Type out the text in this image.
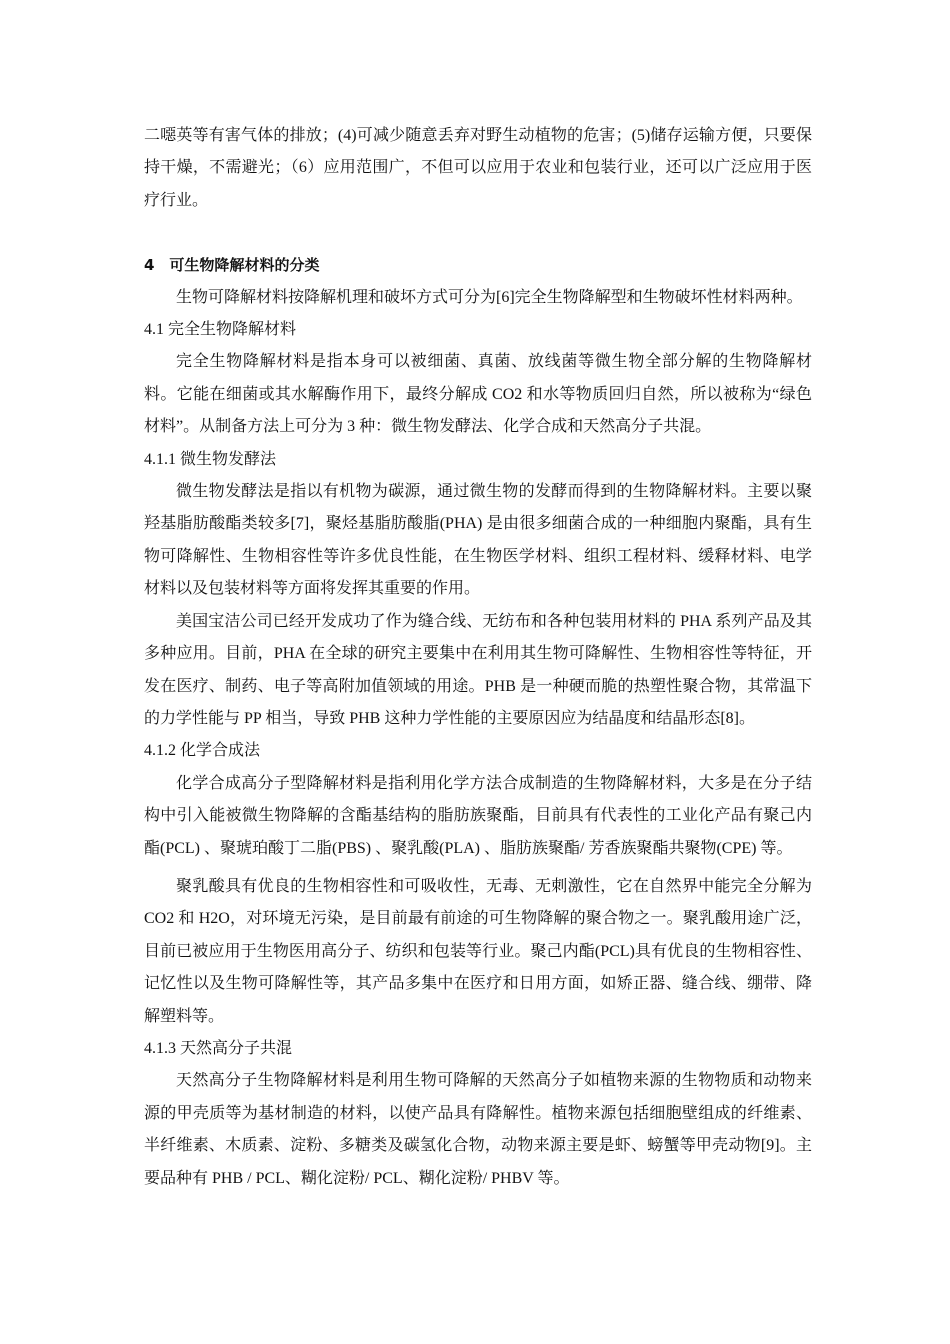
二噁英等有害气体的排放；(4)可减少随意丢弃对野生动植物的危害；(5)储存运输方便，只要保持干燥，不需避光；（6）应用范围广，不但可以应用于农业和包装行业，还可以广泛应用于医疗行业。

4　可生物降解材料的分类

生物可降解材料按降解机理和破坏方式可分为[6]完全生物降解型和生物破坏性材料两种。

4.1 完全生物降解材料

完全生物降解材料是指本身可以被细菌、真菌、放线菌等微生物全部分解的生物降解材料。它能在细菌或其水解酶作用下，最终分解成 CO2 和水等物质回归自然，所以被称为“绿色材料”。从制备方法上可分为 3 种：微生物发酵法、化学合成和天然高分子共混。

4.1.1 微生物发酵法

微生物发酵法是指以有机物为碳源，通过微生物的发酵而得到的生物降解材料。主要以聚羟基脂肪酸酯类较多[7]，聚烃基脂肪酸脂(PHA) 是由很多细菌合成的一种细胞内聚酯，具有生物可降解性、生物相容性等许多优良性能，在生物医学材料、组织工程材料、缓释材料、电学材料以及包装材料等方面将发挥其重要的作用。

美国宝洁公司已经开发成功了作为缝合线、无纺布和各种包装用材料的 PHA 系列产品及其多种应用。目前，PHA 在全球的研究主要集中在利用其生物可降解性、生物相容性等特征，开发在医疗、制药、电子等高附加值领域的用途。PHB 是一种硬而脆的热塑性聚合物，其常温下的力学性能与 PP 相当，导致 PHB 这种力学性能的主要原因应为结晶度和结晶形态[8]。

4.1.2 化学合成法

化学合成高分子型降解材料是指利用化学方法合成制造的生物降解材料，大多是在分子结构中引入能被微生物降解的含酯基结构的脂肪族聚酯，目前具有代表性的工业化产品有聚己内酯(PCL) 、聚琥珀酸丁二脂(PBS) 、聚乳酸(PLA) 、脂肪族聚酯/ 芳香族聚酯共聚物(CPE) 等。

聚乳酸具有优良的生物相容性和可吸收性，无毒、无刺激性，它在自然界中能完全分解为 CO2 和 H2O，对环境无污染，是目前最有前途的可生物降解的聚合物之一。聚乳酸用途广泛，目前已被应用于生物医用高分子、纺织和包装等行业。聚己内酯(PCL)具有优良的生物相容性、记忆性以及生物可降解性等，其产品多集中在医疗和日用方面，如矫正器、缝合线、绷带、降解塑料等。

4.1.3 天然高分子共混

天然高分子生物降解材料是利用生物可降解的天然高分子如植物来源的生物物质和动物来源的甲壳质等为基材制造的材料，以使产品具有降解性。植物来源包括细胞壁组成的纤维素、半纤维素、木质素、淀粉、多糖类及碳氢化合物，动物来源主要是虾、螃蟹等甲壳动物[9]。主要品种有 PHB / PCL、糊化淀粉/ PCL、糊化淀粉/ PHBV 等。
